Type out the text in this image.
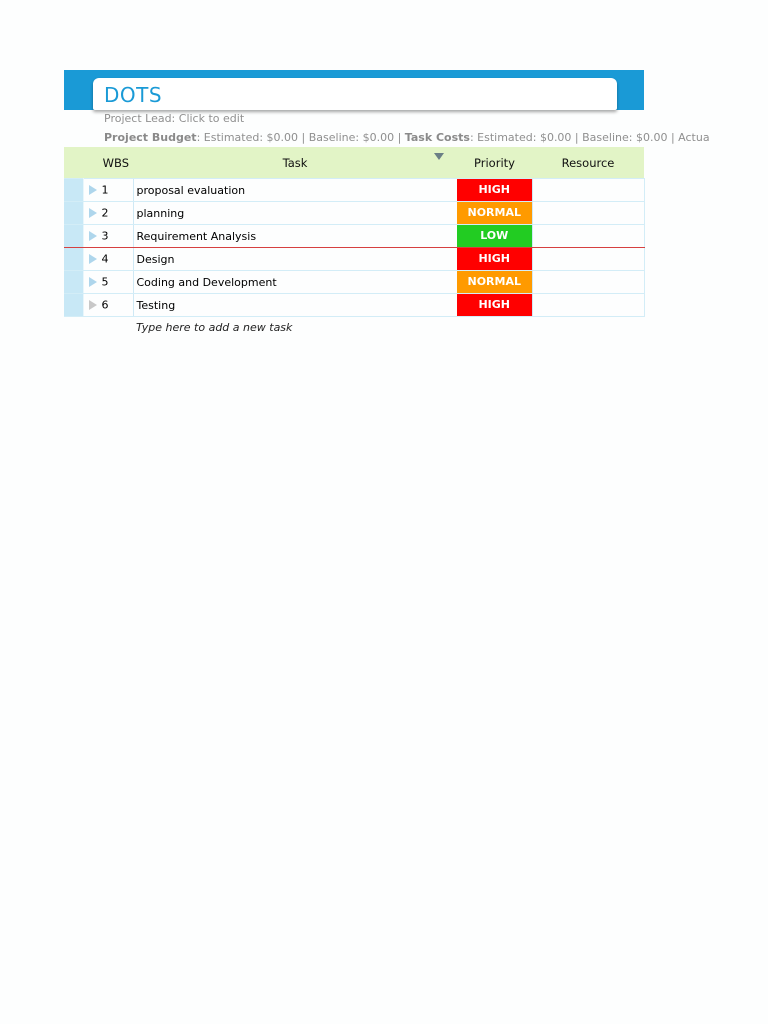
DOTS
Project Lead: Click to edit
Project Budget: Estimated: $0.00 | Baseline: $0.00 | Task Costs: Estimated: $0.00 | Baseline: $0.00 | Actua
	WBS	Task	Priority	Resource
	1	proposal evaluation	HIGH	

	2	planning	NORMAL	

	3	Requirement Analysis	LOW	

	4	Design	HIGH	

	5	Coding and Development	NORMAL	

	6	Testing	HIGH	

Type here to add a new task
